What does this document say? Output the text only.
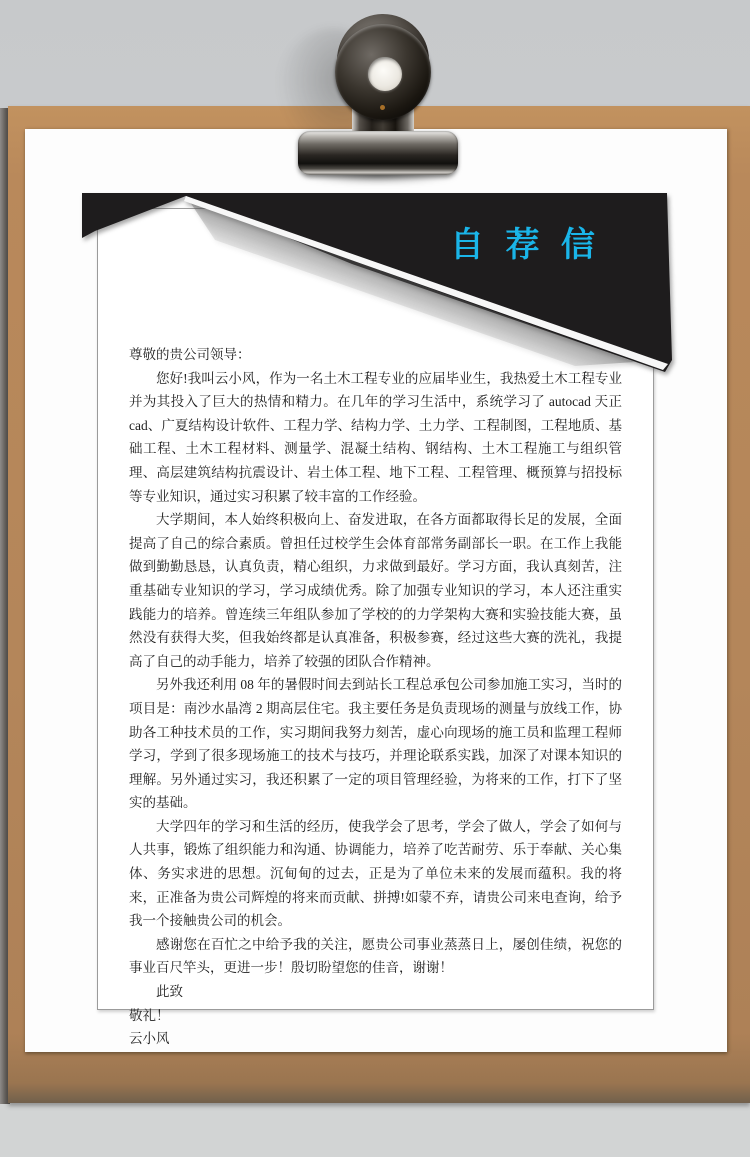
自 荐 信

尊敬的贵公司领导：

您好!我叫云小风，作为一名土木工程专业的应届毕业生，我热爱土木工程专业并为其投入了巨大的热情和精力。在几年的学习生活中，系统学习了 autocad 天正 cad、广夏结构设计软件、工程力学、结构力学、土力学、工程制图，工程地质、基础工程、土木工程材料、测量学、混凝土结构、钢结构、土木工程施工与组织管理、高层建筑结构抗震设计、岩土体工程、地下工程、工程管理、概预算与招投标等专业知识，通过实习积累了较丰富的工作经验。

大学期间，本人始终积极向上、奋发进取，在各方面都取得长足的发展，全面提高了自己的综合素质。曾担任过校学生会体育部常务副部长一职。在工作上我能做到勤勤恳恳，认真负责，精心组织，力求做到最好。学习方面，我认真刻苦，注重基础专业知识的学习，学习成绩优秀。除了加强专业知识的学习，本人还注重实践能力的培养。曾连续三年组队参加了学校的的力学架构大赛和实验技能大赛，虽然没有获得大奖，但我始终都是认真准备，积极参赛，经过这些大赛的洗礼，我提高了自己的动手能力，培养了较强的团队合作精神。

另外我还利用 08 年的暑假时间去到站长工程总承包公司参加施工实习，当时的项目是：南沙水晶湾 2 期高层住宅。我主要任务是负责现场的测量与放线工作，协助各工种技术员的工作，实习期间我努力刻苦，虚心向现场的施工员和监理工程师学习，学到了很多现场施工的技术与技巧，并理论联系实践，加深了对课本知识的理解。另外通过实习，我还积累了一定的项目管理经验，为将来的工作，打下了坚实的基础。

大学四年的学习和生活的经历，使我学会了思考，学会了做人，学会了如何与人共事，锻炼了组织能力和沟通、协调能力，培养了吃苦耐劳、乐于奉献、关心集体、务实求进的思想。沉甸甸的过去，正是为了单位未来的发展而蕴积。我的将来，正准备为贵公司辉煌的将来而贡献、拼搏!如蒙不弃，请贵公司来电查询，给予我一个接触贵公司的机会。

感谢您在百忙之中给予我的关注，愿贵公司事业蒸蒸日上，屡创佳绩，祝您的事业百尺竿头，更进一步！殷切盼望您的佳音，谢谢！

此致

敬礼！

云小风
